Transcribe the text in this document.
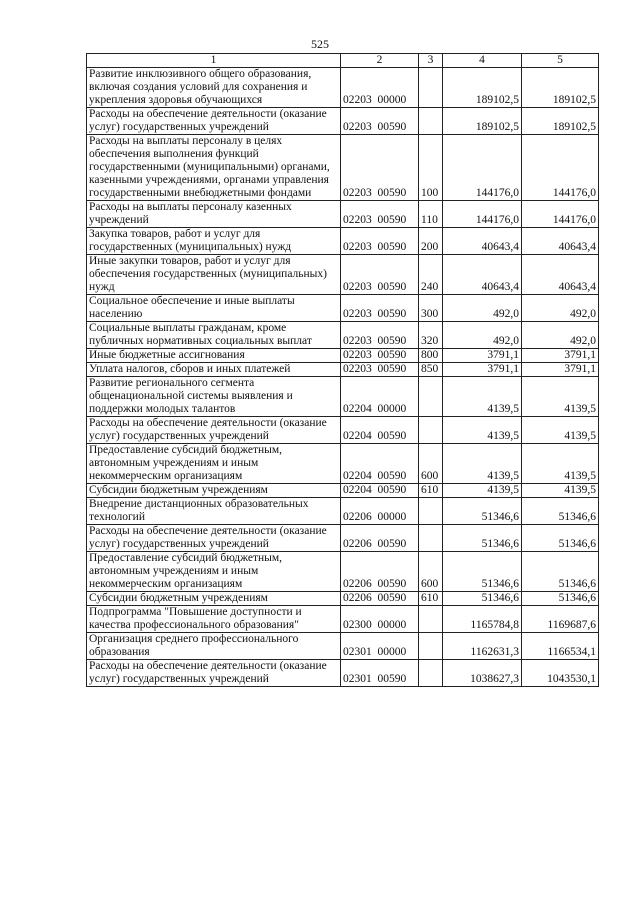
525
1	2	3	4	5
Развитие инклюзивного общего образования, включая создания условий для сохранения и укрепления здоровья обучающихся	02203  00000		189102,5	189102,5
Расходы на обеспечение деятельности (оказание услуг) государственных учреждений	02203  00590		189102,5	189102,5
Расходы на выплаты персоналу в целях обеспечения выполнения функций государственными (муниципальными) органами, казенными учреждениями, органами управления государственными внебюджетными фондами	02203  00590	100	144176,0	144176,0
Расходы на выплаты персоналу казенных учреждений	02203  00590	110	144176,0	144176,0
Закупка товаров, работ и услуг для государственных (муниципальных) нужд	02203  00590	200	40643,4	40643,4
Иные закупки товаров, работ и услуг для обеспечения государственных (муниципальных) нужд	02203  00590	240	40643,4	40643,4
Социальное обеспечение и иные выплаты населению	02203  00590	300	492,0	492,0
Социальные выплаты гражданам, кроме публичных нормативных социальных выплат	02203  00590	320	492,0	492,0
Иные бюджетные ассигнования	02203  00590	800	3791,1	3791,1
Уплата налогов, сборов и иных платежей	02203  00590	850	3791,1	3791,1
Развитие регионального сегмента общенациональной системы выявления и поддержки молодых талантов	02204  00000		4139,5	4139,5
Расходы на обеспечение деятельности (оказание услуг) государственных учреждений	02204  00590		4139,5	4139,5
Предоставление субсидий бюджетным, автономным учреждениям и иным некоммерческим организациям	02204  00590	600	4139,5	4139,5
Субсидии бюджетным учреждениям	02204  00590	610	4139,5	4139,5
Внедрение дистанционных образовательных технологий	02206  00000		51346,6	51346,6
Расходы на обеспечение деятельности (оказание услуг) государственных учреждений	02206  00590		51346,6	51346,6
Предоставление субсидий бюджетным, автономным учреждениям и иным некоммерческим организациям	02206  00590	600	51346,6	51346,6
Субсидии бюджетным учреждениям	02206  00590	610	51346,6	51346,6
Подпрограмма "Повышение доступности и качества профессионального образования"	02300  00000		1165784,8	1169687,6
Организация среднего профессионального образования	02301  00000		1162631,3	1166534,1
Расходы на обеспечение деятельности (оказание услуг) государственных учреждений	02301  00590		1038627,3	1043530,1
